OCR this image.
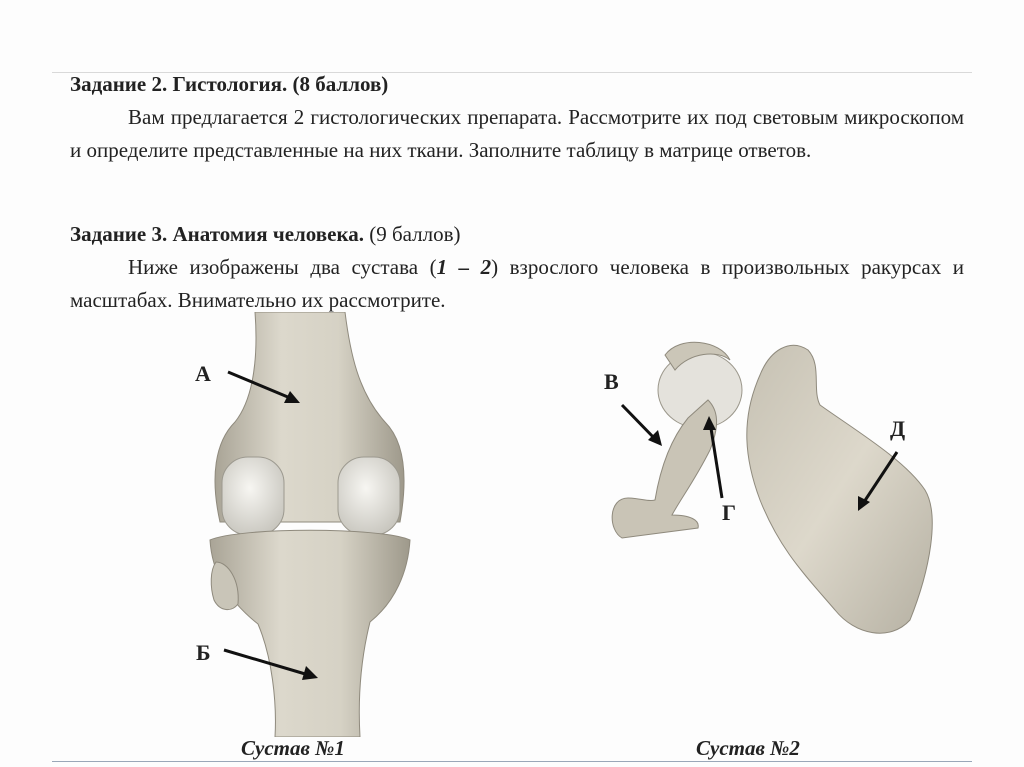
Задание 2. Гистология. (8 баллов)
Вам предлагается 2 гистологических препарата. Рассмотрите их под световым микроскопом и определите представленные на них ткани. Заполните таблицу в матрице ответов.
Задание 3. Анатомия человека. (9 баллов)
Ниже изображены два сустава (1 – 2) взрослого человека в произвольных ракурсах и масштабах. Внимательно их рассмотрите.
А
Б
В
Г
Д
Сустав №1	Сустав №2
